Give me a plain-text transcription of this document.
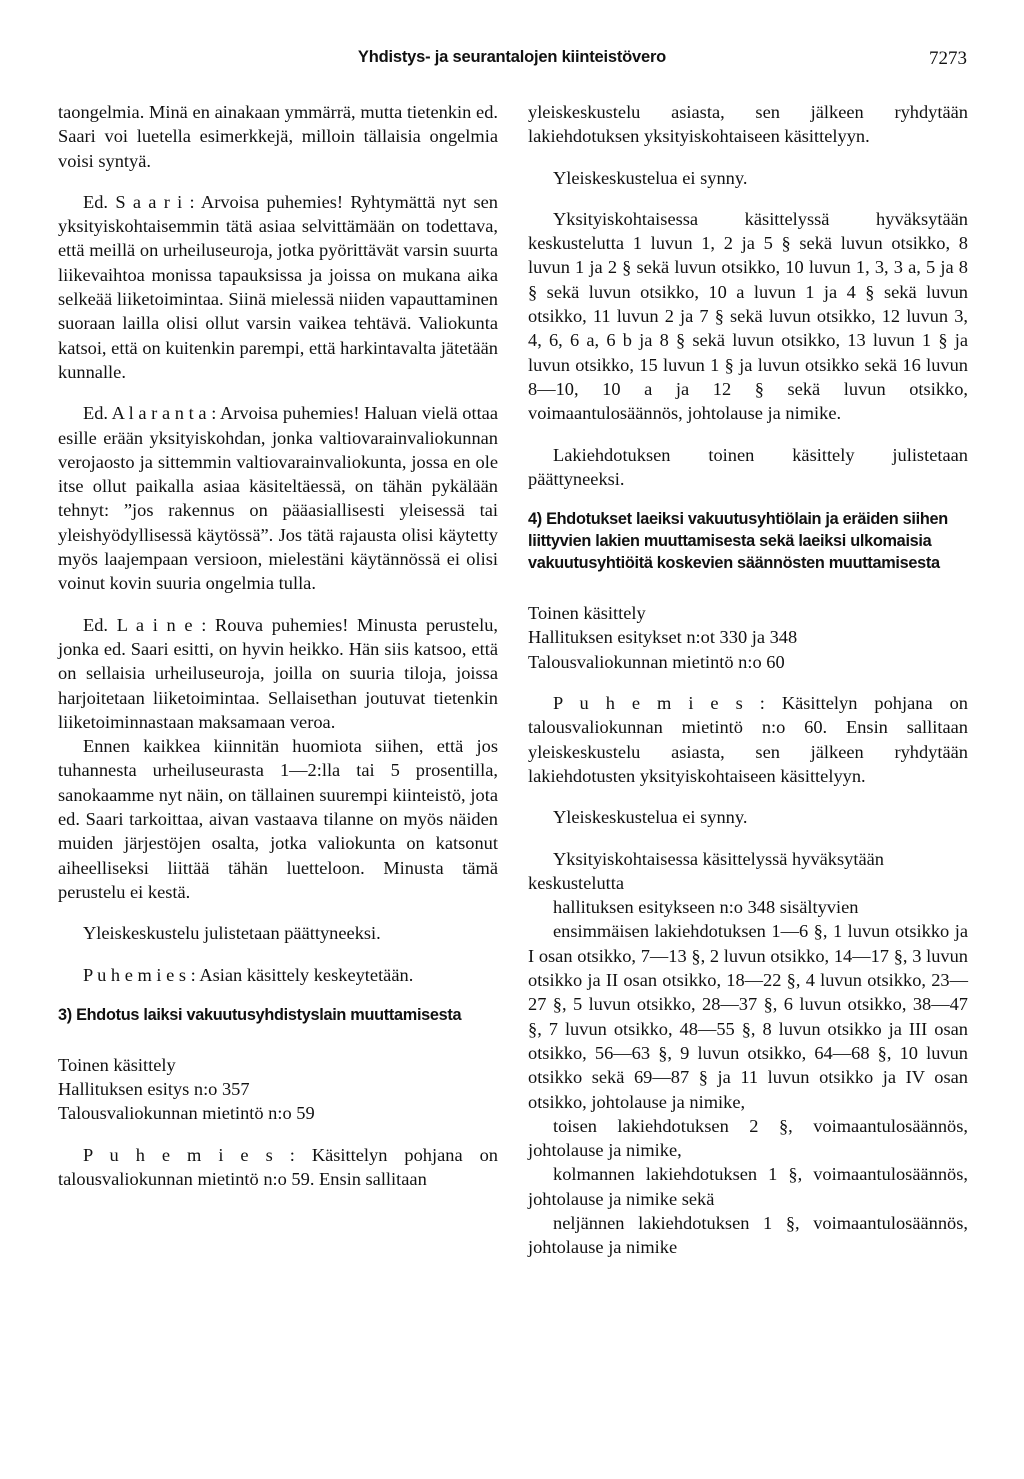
Yhdistys- ja seurantalojen kiinteistövero	7273

taongelmia. Minä en ainakaan ymmärrä, mutta tietenkin ed. Saari voi luetella esimerkkejä, milloin tällaisia ongelmia voisi syntyä.

Ed. S a a r i : Arvoisa puhemies! Ryhtymättä nyt sen yksityiskohtaisemmin tätä asiaa selvittämään on todettava, että meillä on urheiluseuroja, jotka pyörittävät varsin suurta liikevaihtoa monissa tapauksissa ja joissa on mukana aika selkeää liiketoimintaa. Siinä mielessä niiden vapauttaminen suoraan lailla olisi ollut varsin vaikea tehtävä. Valiokunta katsoi, että on kuitenkin parempi, että harkintavalta jätetään kunnalle.

Ed. A l a r a n t a : Arvoisa puhemies! Haluan vielä ottaa esille erään yksityiskohdan, jonka valtiovarainvaliokunnan verojaosto ja sittemmin valtiovarainvaliokunta, jossa en ole itse ollut paikalla asiaa käsiteltäessä, on tähän pykälään tehnyt: ”jos rakennus on pääasiallisesti yleisessä tai yleishyödyllisessä käytössä”. Jos tätä rajausta olisi käytetty myös laajempaan versioon, mielestäni käytännössä ei olisi voinut kovin suuria ongelmia tulla.

Ed. L a i n e : Rouva puhemies! Minusta perustelu, jonka ed. Saari esitti, on hyvin heikko. Hän siis katsoo, että on sellaisia urheiluseuroja, joilla on suuria tiloja, joissa harjoitetaan liiketoimintaa. Sellaisethan joutuvat tietenkin liiketoiminnastaan maksamaan veroa.

Ennen kaikkea kiinnitän huomiota siihen, että jos tuhannesta urheiluseurasta 1—2:lla tai 5 prosentilla, sanokaamme nyt näin, on tällainen suurempi kiinteistö, jota ed. Saari tarkoittaa, aivan vastaava tilanne on myös näiden muiden järjestöjen osalta, jotka valiokunta on katsonut aiheelliseksi liittää tähän luetteloon. Minusta tämä perustelu ei kestä.

Yleiskeskustelu julistetaan päättyneeksi.

P u h e m i e s : Asian käsittely keskeytetään.

3) Ehdotus laiksi vakuutusyhdistyslain muuttamisesta

Toinen käsittely

Hallituksen esitys n:o 357

Talousvaliokunnan mietintö n:o 59

P u h e m i e s : Käsittelyn pohjana on talousvaliokunnan mietintö n:o 59. Ensin sallitaan

yleiskeskustelu asiasta, sen jälkeen ryhdytään lakiehdotuksen yksityiskohtaiseen käsittelyyn.

Yleiskeskustelua ei synny.

Yksityiskohtaisessa käsittelyssä hyväksytään keskustelutta 1 luvun 1, 2 ja 5 § sekä luvun otsikko, 8 luvun 1 ja 2 § sekä luvun otsikko, 10 luvun 1, 3, 3 a, 5 ja 8 § sekä luvun otsikko, 10 a luvun 1 ja 4 § sekä luvun otsikko, 11 luvun 2 ja 7 § sekä luvun otsikko, 12 luvun 3, 4, 6, 6 a, 6 b ja 8 § sekä luvun otsikko, 13 luvun 1 § ja luvun otsikko, 15 luvun 1 § ja luvun otsikko sekä 16 luvun 8—10, 10 a ja 12 § sekä luvun otsikko, voimaantulosäännös, johtolause ja nimike.

Lakiehdotuksen toinen käsittely julistetaan päättyneeksi.

4) Ehdotukset laeiksi vakuutusyhtiölain ja eräiden siihen liittyvien lakien muuttamisesta sekä laeiksi ulkomaisia vakuutusyhtiöitä koskevien säännösten muuttamisesta

Toinen käsittely

Hallituksen esitykset n:ot 330 ja 348

Talousvaliokunnan mietintö n:o 60

P u h e m i e s : Käsittelyn pohjana on talousvaliokunnan mietintö n:o 60. Ensin sallitaan yleiskeskustelu asiasta, sen jälkeen ryhdytään lakiehdotusten yksityiskohtaiseen käsittelyyn.

Yleiskeskustelua ei synny.

Yksityiskohtaisessa käsittelyssä hyväksytään keskustelutta

hallituksen esitykseen n:o 348 sisältyvien

ensimmäisen lakiehdotuksen 1—6 §, 1 luvun otsikko ja I osan otsikko, 7—13 §, 2 luvun otsikko, 14—17 §, 3 luvun otsikko ja II osan otsikko, 18—22 §, 4 luvun otsikko, 23—27 §, 5 luvun otsikko, 28—37 §, 6 luvun otsikko, 38—47 §, 7 luvun otsikko, 48—55 §, 8 luvun otsikko ja III osan otsikko, 56—63 §, 9 luvun otsikko, 64—68 §, 10 luvun otsikko sekä 69—87 § ja 11 luvun otsikko ja IV osan otsikko, johtolause ja nimike,

toisen lakiehdotuksen 2 §, voimaantulosäännös, johtolause ja nimike,

kolmannen lakiehdotuksen 1 §, voimaantulosäännös, johtolause ja nimike sekä

neljännen lakiehdotuksen 1 §, voimaantulosäännös, johtolause ja nimike
